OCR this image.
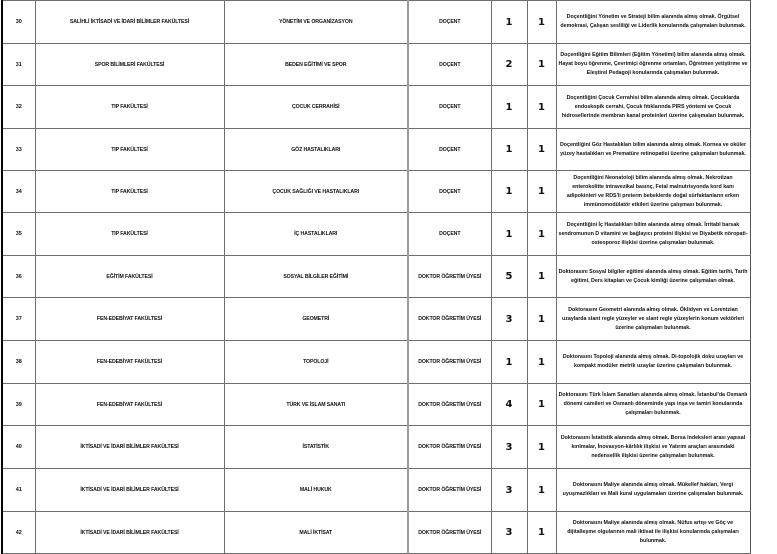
30	SALİHLİ İKTİSADİ VE İDARİ BİLİMLER FAKÜLTESİ	YÖNETİM VE ORGANİZASYON	DOÇENT	1	1	Doçentliğini Yönetim ve Strateji bilim alanında almış olmak. Örgütsel demokrasi, Çalışan sesliliği ve Liderlik konularında çalışmaları bulunmak.
31	SPOR BİLİMLERİ FAKÜLTESİ	BEDEN EĞİTİMİ VE SPOR	DOÇENT	2	1	Doçentliğini Eğitim Bilimleri (Eğitim Yönetimi) bilim alanında almış olmak. Hayat boyu öğrenme, Çevrimiçi öğrenme ortamları, Öğretmen yetiştirme ve Eleştirel Pedagoji konularında çalışmaları bulunmak.
32	TIP FAKÜLTESİ	ÇOCUK CERRAHİSİ	DOÇENT	1	1	Doçentliğini Çocuk Cerrahisi bilim alanında almış olmak. Çocuklarda endoskopik cerrahi, Çocuk fıtıklarında PIRS yöntemi ve Çocuk hidrosellerinde membran kanal proteinleri üzerine çalışmaları bulunmak.
33	TIP FAKÜLTESİ	GÖZ HASTALIKLARI	DOÇENT	1	1	Doçentliğini Göz Hastalıkları bilim alanında almış olmak. Kornea ve oküler yüzey hastalıkları ve Prematüre retinopatisi üzerine çalışmaları bulunmak.
34	TIP FAKÜLTESİ	ÇOCUK SAĞLIĞI VE HASTALIKLARI	DOÇENT	1	1	Doçentliğini Neonatoloji bilim alanında almış olmak. Nekrotizan enterokolitte intravezikal basınç, Fetal malnutrisyonda kord kanı adipokinleri ve RDS'li preterm bebeklerde doğal sürfaktanların erken immünomodülatör etkileri üzerine çalışması bulunmak.
35	TIP FAKÜLTESİ	İÇ HASTALIKLARI	DOÇENT	1	1	Doçentliğini İç Hastalıkları bilim alanında almış olmak. İrritabl barsak sendromunun D vitamini ve bağlayıcı proteini ilişkisi ve Diyabetik nöropati-osteoporoz ilişkisi üzerine çalışmaları bulunmak.
36	EĞİTİM FAKÜLTESİ	SOSYAL BİLGİLER EĞİTİMİ	DOKTOR ÖĞRETİM ÜYESİ	5	1	Doktorasını Sosyal bilgiler eğitimi alanında almış olmak. Eğitim tarihi, Tarih eğitimi, Ders kitapları ve Çocuk kimliği üzerine çalışmaları olmak.
37	FEN-EDEBİYAT FAKÜLTESİ	GEOMETRİ	DOKTOR ÖĞRETİM ÜYESİ	3	1	Doktorasını Geometri alanında almış olmak. Öklidyen ve Lorentzian uzaylarda slant regle yüzeyler ve slant regle yüzeylerin konum vektörleri üzerine çalışmaları bulunmak.
38	FEN-EDEBİYAT FAKÜLTESİ	TOPOLOJİ	DOKTOR ÖĞRETİM ÜYESİ	1	1	Doktorasını Topoloji alanında almış olmak. Di-topolojik doku uzayları ve kompakt modüler metrik uzaylar üzerine çalışmaları bulunmak.
39	FEN-EDEBİYAT FAKÜLTESİ	TÜRK VE İSLAM SANATI	DOKTOR ÖĞRETİM ÜYESİ	4	1	Doktorasını Türk İslam Sanatları alanında almış olmak. İstanbul'da Osmanlı dönemi camileri ve Osmanlı döneminde yapı inşa ve tamiri konularında çalışmaları bulunmak.
40	İKTİSADİ VE İDARİ BİLİMLER FAKÜLTESİ	İSTATİSTİK	DOKTOR ÖĞRETİM ÜYESİ	3	1	Doktorasını İstatistik alanında almış olmak. Borsa indeksleri arası yapısal kırılmalar, İnovasyon-kârlılık ilişkisi ve Yatırım araçları arasındaki nedensellik ilişkisi üzerine çalışmaları bulunmak.
41	İKTİSADİ VE İDARİ BİLİMLER FAKÜLTESİ	MALİ HUKUK	DOKTOR ÖĞRETİM ÜYESİ	3	1	Doktorasını Maliye alanında almış olmak. Mükellef hakları, Vergi uyuşmazlıkları ve Mali kural uygulamaları üzerine çalışmaları bulunmak.
42	İKTİSADİ VE İDARİ BİLİMLER FAKÜLTESİ	MALİ İKTİSAT	DOKTOR ÖĞRETİM ÜYESİ	3	1	Doktorasını Maliye alanında almış olmak. Nüfus artışı ve Göç ve dijitalleşme olgularının mali iktisat ile ilişkisi konularında çalışmaları bulunmak.
